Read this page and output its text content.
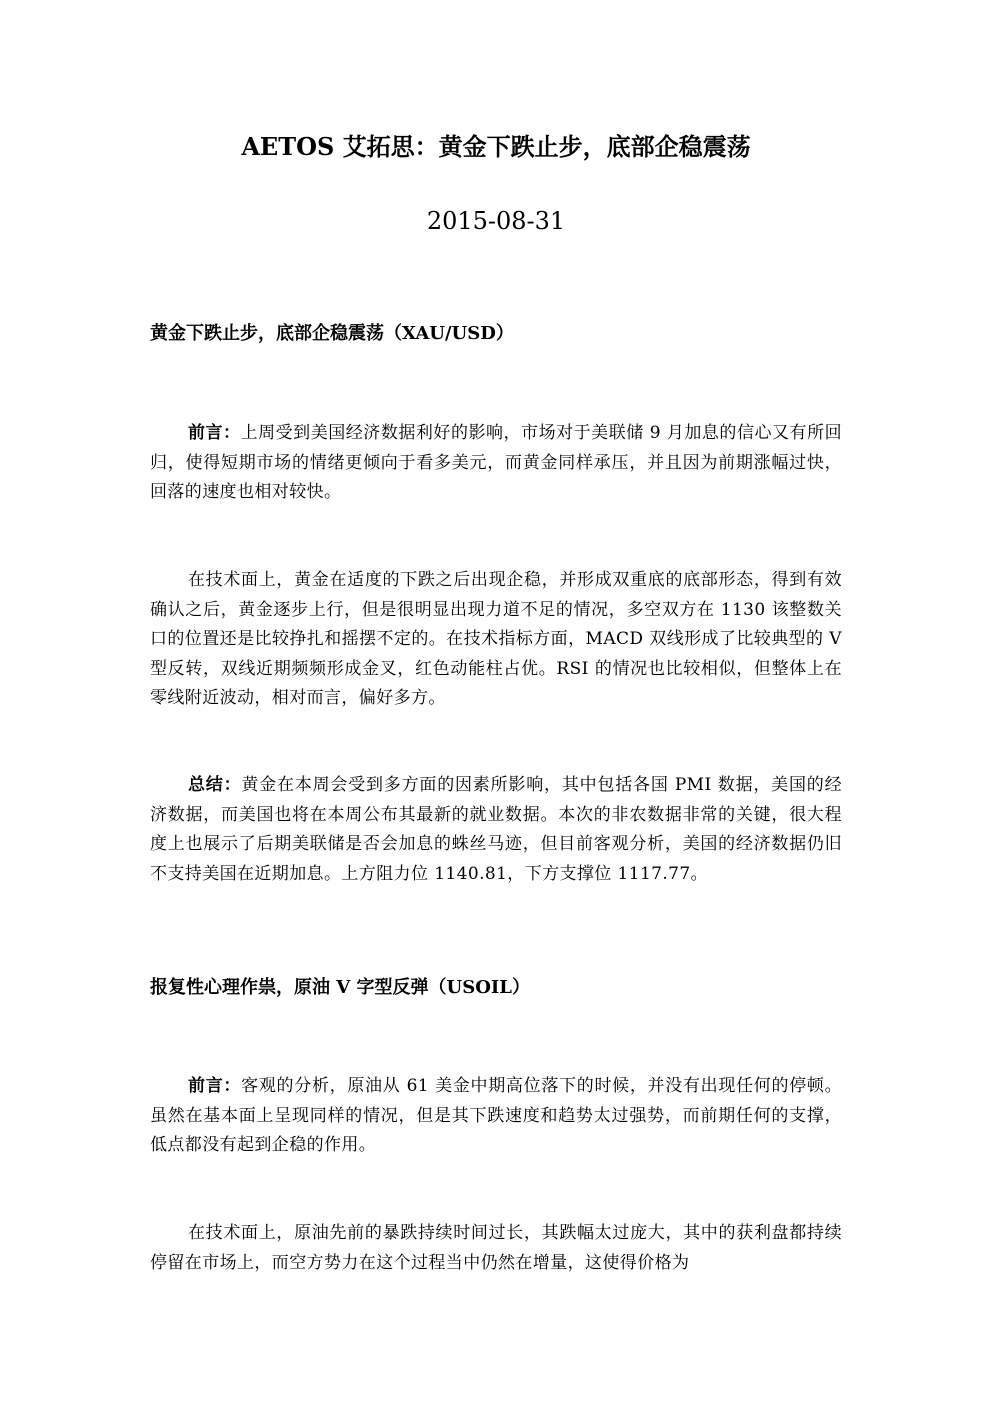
AETOS 艾拓思：黄金下跌止步，底部企稳震荡
2015-08-31
黄金下跌止步，底部企稳震荡（XAU/USD）

前言：上周受到美国经济数据利好的影响，市场对于美联储 9 月加息的信心又有所回归，使得短期市场的情绪更倾向于看多美元，而黄金同样承压，并且因为前期涨幅过快，回落的速度也相对较快。

在技术面上，黄金在适度的下跌之后出现企稳，并形成双重底的底部形态，得到有效确认之后，黄金逐步上行，但是很明显出现力道不足的情况，多空双方在 1130 该整数关口的位置还是比较挣扎和摇摆不定的。在技术指标方面，MACD 双线形成了比较典型的 V 型反转，双线近期频频形成金叉，红色动能柱占优。RSI 的情况也比较相似，但整体上在零线附近波动，相对而言，偏好多方。

总结：黄金在本周会受到多方面的因素所影响，其中包括各国 PMI 数据，美国的经济数据，而美国也将在本周公布其最新的就业数据。本次的非农数据非常的关键，很大程度上也展示了后期美联储是否会加息的蛛丝马迹，但目前客观分析，美国的经济数据仍旧不支持美国在近期加息。上方阻力位 1140.81，下方支撑位 1117.77。

报复性心理作祟，原油 V 字型反弹（USOIL）

前言：客观的分析，原油从 61 美金中期高位落下的时候，并没有出现任何的停顿。虽然在基本面上呈现同样的情况，但是其下跌速度和趋势太过强势，而前期任何的支撑，低点都没有起到企稳的作用。

在技术面上，原油先前的暴跌持续时间过长，其跌幅太过庞大，其中的获利盘都持续停留在市场上，而空方势力在这个过程当中仍然在增量，这使得价格为
